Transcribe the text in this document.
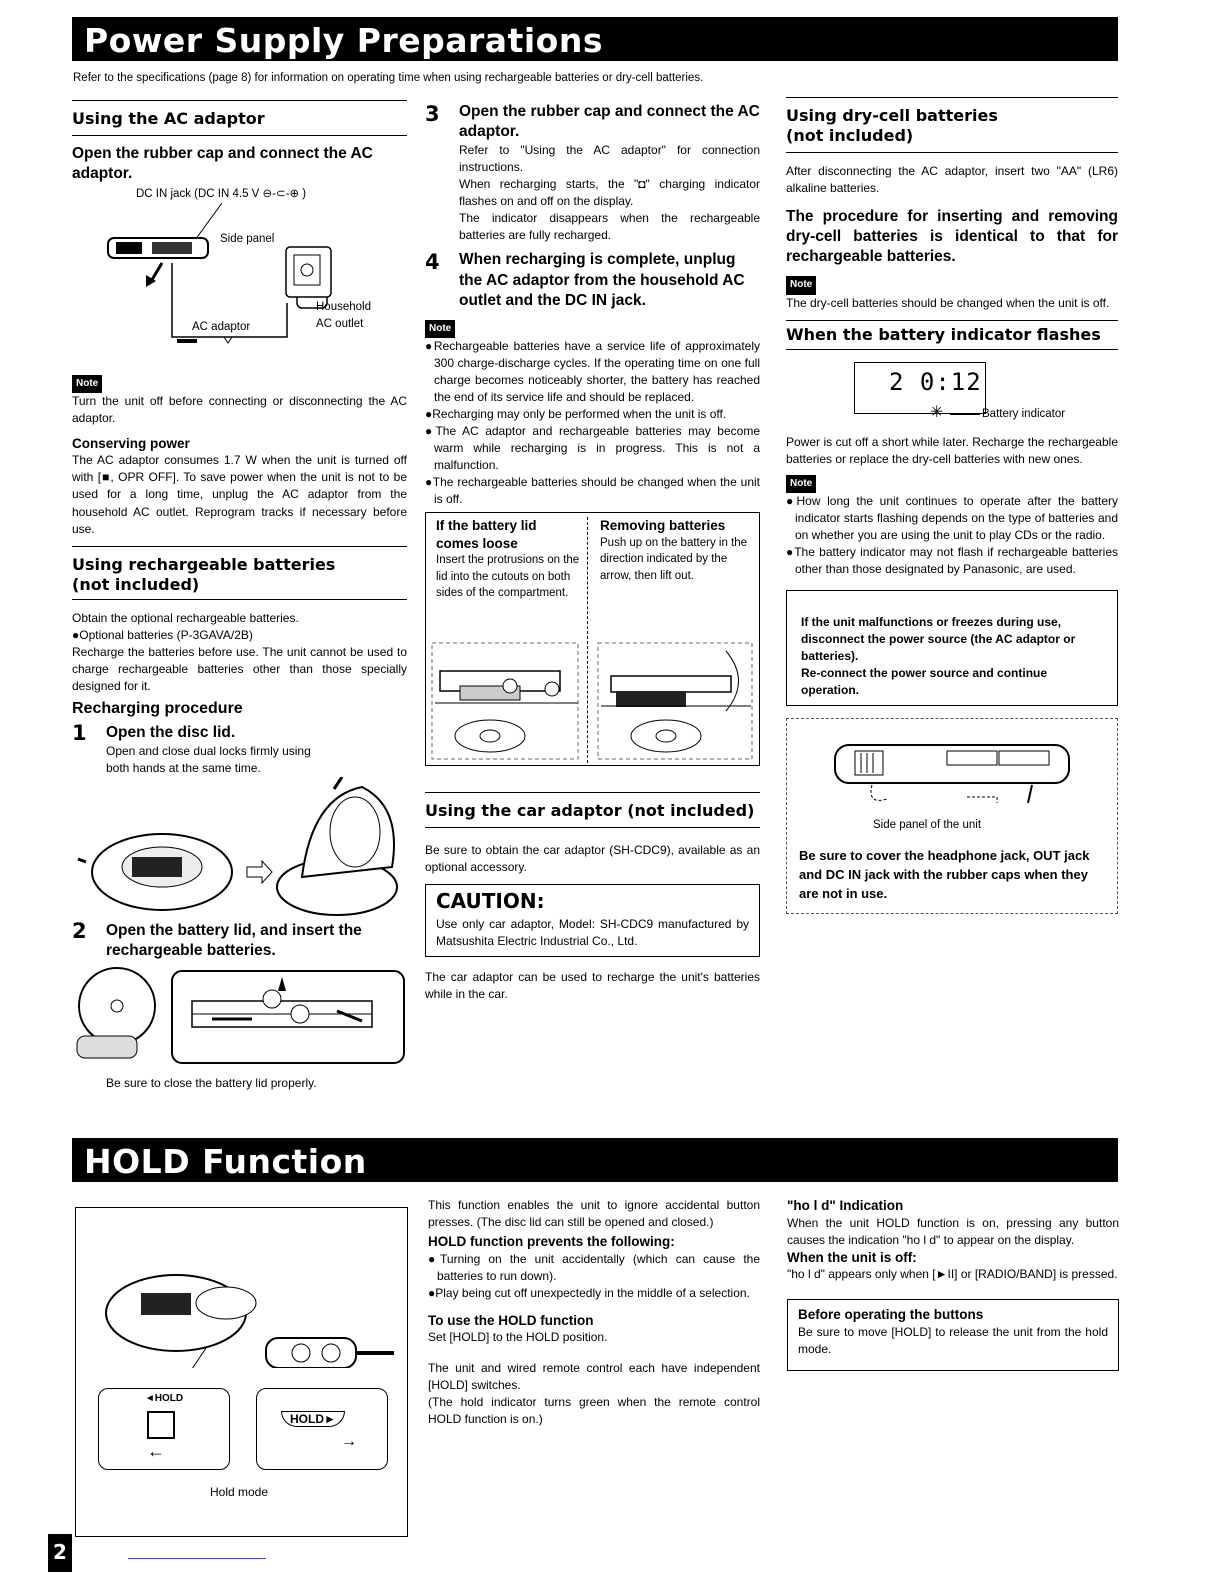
Power Supply Preparations
Refer to the specifications (page 8) for information on operating time when using rechargeable batteries or dry-cell batteries.
Using the AC adaptor
Open the rubber cap and connect the AC adaptor.
DC IN jack (DC IN 4.5 V ⊖-⊂-⊕ )
Side panel
Household
AC outlet
AC adaptor
Note
Turn the unit off before connecting or disconnecting the AC adaptor.
Conserving power
The AC adaptor consumes 1.7 W when the unit is turned off with [■, OPR OFF]. To save power when the unit is not to be used for a long time, unplug the AC adaptor from the household AC outlet. Reprogram tracks if necessary before use.
Using rechargeable batteries
(not included)
Obtain the optional rechargeable batteries.
●Optional batteries (P-3GAVA/2B)
Recharge the batteries before use. The unit cannot be used to charge rechargeable batteries other than those specially designed for it.
Recharging procedure
1 Open the disc lid.
Open and close dual locks firmly using both hands at the same time.
2 Open the battery lid, and insert the rechargeable batteries.
Be sure to close the battery lid properly.
3 Open the rubber cap and connect the AC adaptor.
Refer to "Using the AC adaptor" for connection instructions.
When recharging starts, the "◘" charging indicator flashes on and off on the display.
The indicator disappears when the rechargeable batteries are fully recharged.
4 When recharging is complete, unplug the AC adaptor from the household AC outlet and the DC IN jack.
Note
●Rechargeable batteries have a service life of approximately 300 charge-discharge cycles. If the operating time on one full charge becomes noticeably shorter, the battery has reached the end of its service life and should be replaced.
●Recharging may only be performed when the unit is off.
●The AC adaptor and rechargeable batteries may become warm while recharging is in progress. This is not a malfunction.
●The rechargeable batteries should be changed when the unit is off.
If the battery lid comes loose
Insert the protrusions on the lid into the cutouts on both sides of the compartment.
Removing batteries
Push up on the battery in the direction indicated by the arrow, then lift out.
Using the car adaptor (not included)
Be sure to obtain the car adaptor (SH-CDC9), available as an optional accessory.
CAUTION:
Use only car adaptor, Model: SH-CDC9 manufactured by Matsushita Electric Industrial Co., Ltd.
The car adaptor can be used to recharge the unit's batteries while in the car.
Using dry-cell batteries
(not included)
After disconnecting the AC adaptor, insert two "AA" (LR6) alkaline batteries.
The procedure for inserting and removing dry-cell batteries is identical to that for rechargeable batteries.
Note
The dry-cell batteries should be changed when the unit is off.
When the battery indicator flashes
2 0:12
✳	Battery indicator
Power is cut off a short while later. Recharge the rechargeable batteries or replace the dry-cell batteries with new ones.
Note
●How long the unit continues to operate after the battery indicator starts flashing depends on the type of batteries and on whether you are using the unit to play CDs or the radio.
●The battery indicator may not flash if rechargeable batteries other than those designated by Panasonic, are used.

If the unit malfunctions or freezes during use, disconnect the power source (the AC adaptor or batteries).
Re-connect the power source and continue operation.

Side panel of the unit
Be sure to cover the headphone jack, OUT jack and DC IN jack with the rubber caps when they are not in use.
HOLD Function
◄HOLD
←
HOLD►
→
Hold mode
This function enables the unit to ignore accidental button presses. (The disc lid can still be opened and closed.)
HOLD function prevents the following:
●Turning on the unit accidentally (which can cause the batteries to run down).
●Play being cut off unexpectedly in the middle of a selection.
To use the HOLD function
Set [HOLD] to the HOLD position.
The unit and wired remote control each have independent [HOLD] switches.
(The hold indicator turns green when the remote control HOLD function is on.)
"ho l d" Indication
When the unit HOLD function is on, pressing any button causes the indication "ho l d" to appear on the display.
When the unit is off:
"ho l d" appears only when [►II] or [RADIO/BAND] is pressed.
Before operating the buttons
Be sure to move [HOLD] to release the unit from the hold mode.
2
